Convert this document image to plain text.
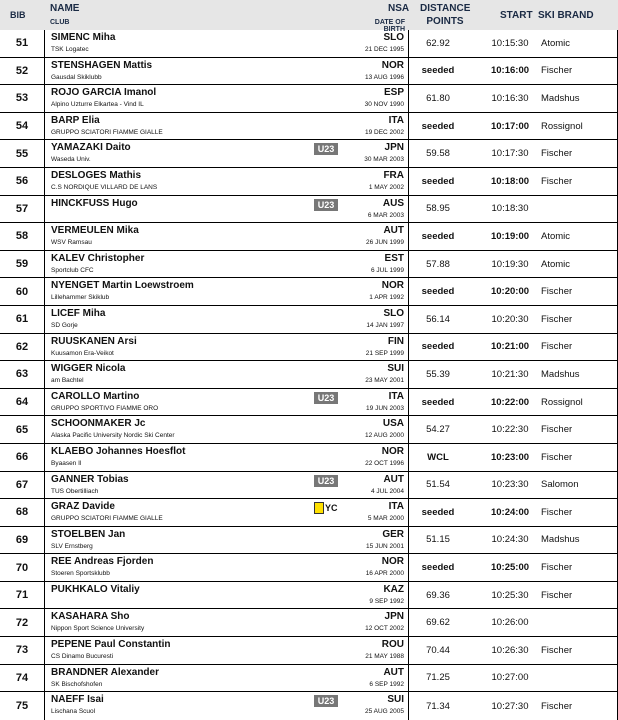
BIB
NAME
CLUB
NSA
DATE OF BIRTH
DISTANCE
POINTS
START SKI BRAND
51	SIMENC Miha
TSK Logatec
SLO
21 DEC 1995
62.92	10:15:30	Atomic
52	STENSHAGEN Mattis
Gausdal Skiklubb
NOR
13 AUG 1996
seeded	10:16:00	Fischer
53	ROJO GARCIA Imanol
Alpino Uzturre Elkartea - Vind IL
ESP
30 NOV 1990
61.80	10:16:30	Madshus
54	BARP Elia
GRUPPO SCIATORI FIAMME GIALLE
ITA
19 DEC 2002
seeded	10:17:00	Rossignol
55	YAMAZAKI Daito
Waseda Univ.
U23	JPN
30 MAR 2003
59.58	10:17:30	Fischer
56	DESLOGES Mathis
C.S NORDIQUE VILLARD DE LANS
FRA
1 MAY 2002
seeded	10:18:00	Fischer
57	HINCKFUSS Hugo	U23	AUS
6 MAR 2003
58.95	10:18:30
58	VERMEULEN Mika
WSV Ramsau
AUT
26 JUN 1999
seeded	10:19:00	Atomic
59	KALEV Christopher
Sportclub CFC
EST
6 JUL 1999
57.88	10:19:30	Atomic
60	NYENGET Martin Loewstroem
Lillehammer Skiklub
NOR
1 APR 1992
seeded	10:20:00	Fischer
61	LICEF Miha
SD Gorje
SLO
14 JAN 1997
56.14	10:20:30	Fischer
62	RUUSKANEN Arsi
Kuusamon Era-Veikot
FIN
21 SEP 1999
seeded	10:21:00	Fischer
63	WIGGER Nicola
am Bachtel
SUI
23 MAY 2001
55.39	10:21:30	Madshus
64	CAROLLO Martino
GRUPPO SPORTIVO FIAMME ORO
U23	ITA
19 JUN 2003
seeded	10:22:00	Rossignol
65	SCHOONMAKER Jc
Alaska Pacific University Nordic Ski Center
USA
12 AUG 2000
54.27	10:22:30	Fischer
66	KLAEBO Johannes Hoesflot
Byaasen Il
NOR
22 OCT 1996
WCL	10:23:00	Fischer
67	GANNER Tobias
TUS Obertilliach
U23	AUT
4 JUL 2004
51.54	10:23:30	Salomon
68	GRAZ Davide
GRUPPO SCIATORI FIAMME GIALLE
YC	ITA
5 MAR 2000
seeded	10:24:00	Fischer
69	STOELBEN Jan
SLV Ernstberg
GER
15 JUN 2001
51.15	10:24:30	Madshus
70	REE Andreas Fjorden
Stoeren Sportsklubb
NOR
16 APR 2000
seeded	10:25:00	Fischer
71	PUKHKALO Vitaliy	KAZ
9 SEP 1992
69.36	10:25:30	Fischer
72	KASAHARA Sho
Nippon Sport Science University
JPN
12 OCT 2002
69.62	10:26:00
73	PEPENE Paul Constantin
CS Dinamo Bucuresti
ROU
21 MAY 1988
70.44	10:26:30	Fischer
74	BRANDNER Alexander
SK Bischofshofen
AUT
6 SEP 1992
71.25	10:27:00
75
NAEFF Isai
Lischana Scuol
U23	SUI
25 AUG 2005
71.34	10:27:30	Fischer
